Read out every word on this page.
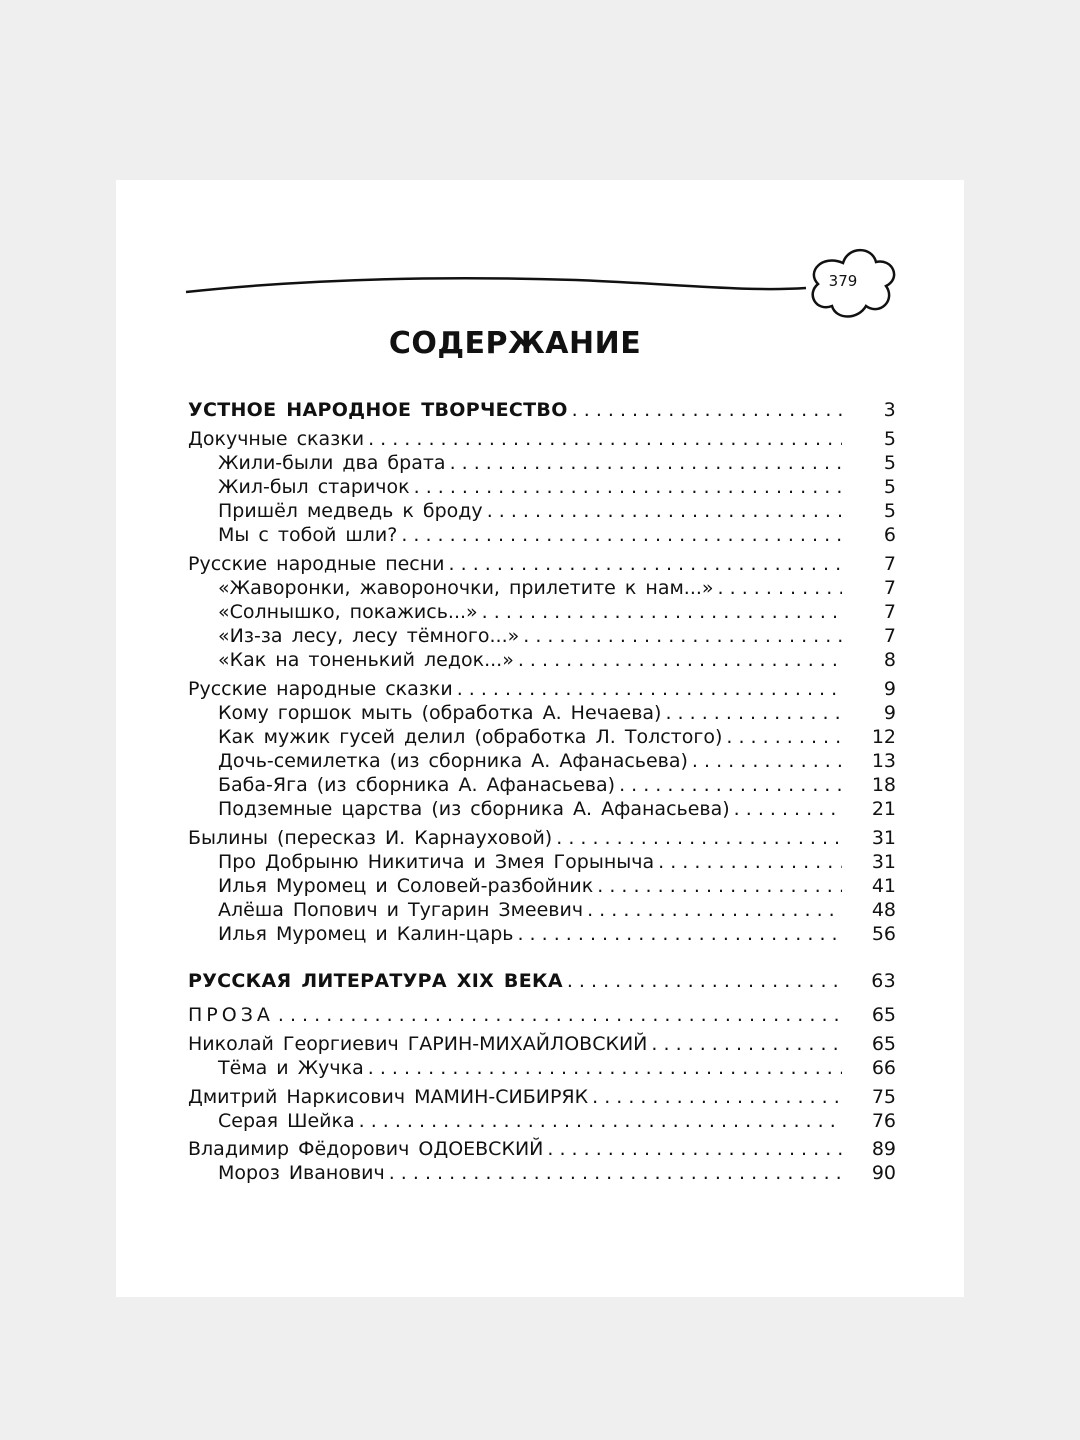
379
СОДЕРЖАНИЕ
УСТНОЕ НАРОДНОЕ ТВОРЧЕСТВО . . .	3
Докучные сказки . . .	5
Жили-были два брата . . .	5
Жил-был старичок . . .	5
Пришёл медведь к броду . . .	5
Мы с тобой шли? . . .	6
Русские народные песни . . .	7
«Жаворонки, жавороночки, прилетите к нам...» . . .	7
«Солнышко, покажись...» . . .	7
«Из-за лесу, лесу тёмного...» . . .	7
«Как на тоненький ледок...» . . .	8
Русские народные сказки . . .	9
Кому горшок мыть (обработка А. Нечаева) . . .	9
Как мужик гусей делил (обработка Л. Толстого) . . .	12
Дочь-семилетка (из сборника А. Афанасьева) . . .	13
Баба-Яга (из сборника А. Афанасьева) . . .	18
Подземные царства (из сборника А. Афанасьева) . . .	21
Былины (пересказ И. Карнауховой) . . .	31
Про Добрыню Никитича и Змея Горыныча . . .	31
Илья Муромец и Соловей-разбойник . . .	41
Алёша Попович и Тугарин Змеевич . . .	48
Илья Муромец и Калин-царь . . .	56
РУССКАЯ ЛИТЕРАТУРА XIX ВЕКА . . .	63
ПРОЗА . . .	65
Николай Георгиевич ГАРИН-МИХАЙЛОВСКИЙ . . .	65
Тёма и Жучка . . .	66
Дмитрий Наркисович МАМИН-СИБИРЯК . . .	75
Серая Шейка . . .	76
Владимир Фёдорович ОДОЕВСКИЙ . . .	89
Мороз Иванович . . .	90
